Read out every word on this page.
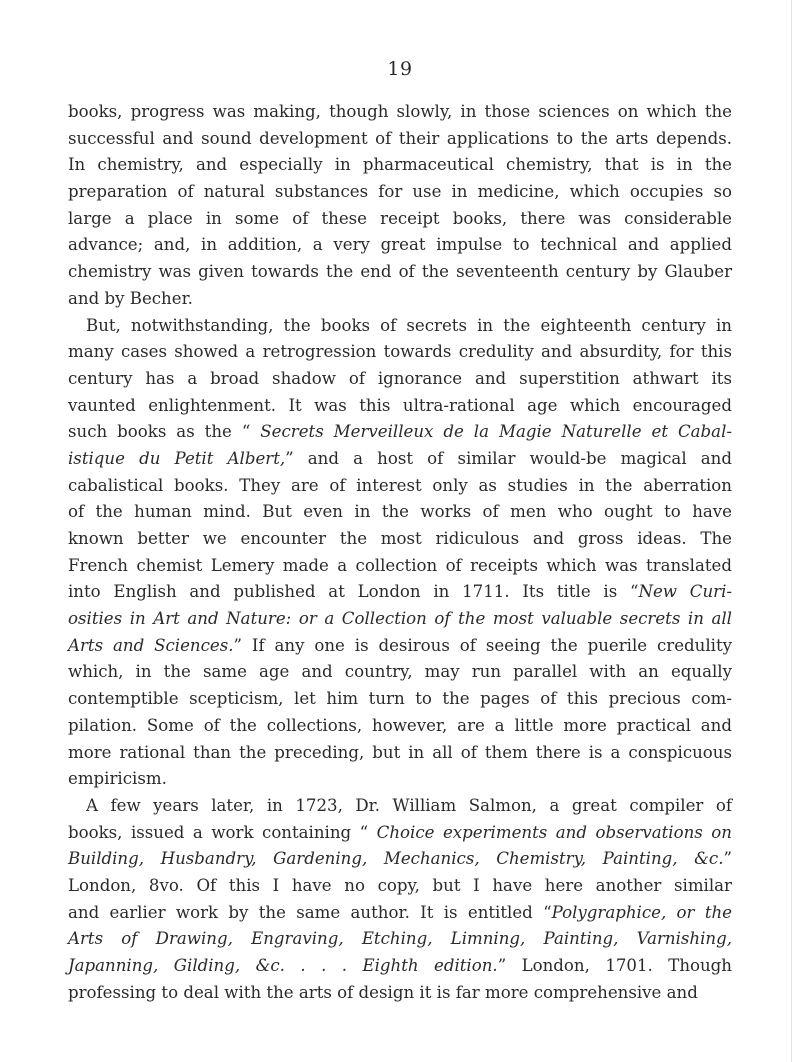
19
books, progress was making, though slowly, in those sciences on which the
successful and sound development of their applications to the arts depends.
In chemistry, and especially in pharmaceutical chemistry, that is in the
preparation of natural substances for use in medicine, which occupies so
large a place in some of these receipt books, there was considerable
advance; and, in addition, a very great impulse to technical and applied
chemistry was given towards the end of the seventeenth century by Glauber
and by Becher.
But, notwithstanding, the books of secrets in the eighteenth century in
many cases showed a retrogression towards credulity and absurdity, for this
century has a broad shadow of ignorance and superstition athwart its
vaunted enlightenment. It was this ultra-rational age which encouraged
such books as the “ Secrets Merveilleux de la Magie Naturelle et Cabal-
istique du Petit Albert,” and a host of similar would-be magical and
cabalistical books. They are of interest only as studies in the aberration
of the human mind. But even in the works of men who ought to have
known better we encounter the most ridiculous and gross ideas. The
French chemist Lemery made a collection of receipts which was translated
into English and published at London in 1711. Its title is “New Curi-
osities in Art and Nature: or a Collection of the most valuable secrets in all
Arts and Sciences.” If any one is desirous of seeing the puerile credulity
which, in the same age and country, may run parallel with an equally
contemptible scepticism, let him turn to the pages of this precious com-
pilation. Some of the collections, however, are a little more practical and
more rational than the preceding, but in all of them there is a conspicuous
empiricism.
A few years later, in 1723, Dr. William Salmon, a great compiler of
books, issued a work containing “ Choice experiments and observations on
Building, Husbandry, Gardening, Mechanics, Chemistry, Painting, &c.”
London, 8vo. Of this I have no copy, but I have here another similar
and earlier work by the same author. It is entitled “Polygraphice, or the
Arts of Drawing, Engraving, Etching, Limning, Painting, Varnishing,
Japanning, Gilding, &c. . . . Eighth edition.” London, 1701. Though
professing to deal with the arts of design it is far more comprehensive and
